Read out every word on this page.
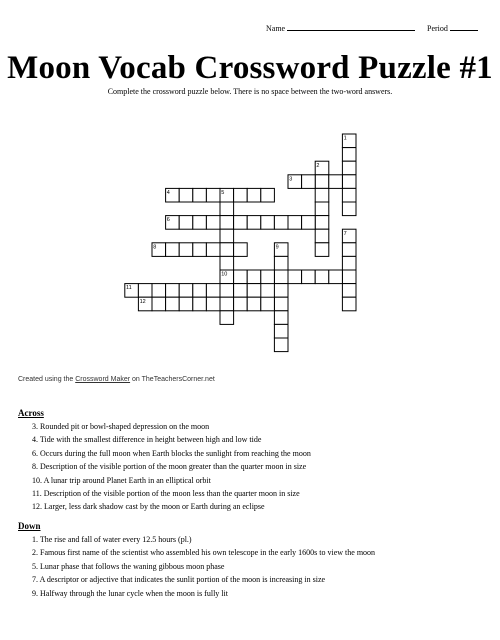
Name	Period
Moon Vocab Crossword Puzzle #1
Complete the crossword puzzle below. There is no space between the two-word answers.
1
2
3
4	5
6
7
8	9
10
11
12
Created using the Crossword Maker on TheTeachersCorner.net
Across
3. Rounded pit or bowl-shaped depression on the moon
4. Tide with the smallest difference in height between high and low tide
6. Occurs during the full moon when Earth blocks the sunlight from reaching the moon
8. Description of the visible portion of the moon greater than the quarter moon in size
10. A lunar trip around Planet Earth in an elliptical orbit
11. Description of the visible portion of the moon less than the quarter moon in size
12. Larger, less dark shadow cast by the moon or Earth during an eclipse
Down
1. The rise and fall of water every 12.5 hours (pl.)
2. Famous first name of the scientist who assembled his own telescope in the early 1600s to view the moon
5. Lunar phase that follows the waning gibbous moon phase
7. A descriptor or adjective that indicates the sunlit portion of the moon is increasing in size
9. Halfway through the lunar cycle when the moon is fully lit
